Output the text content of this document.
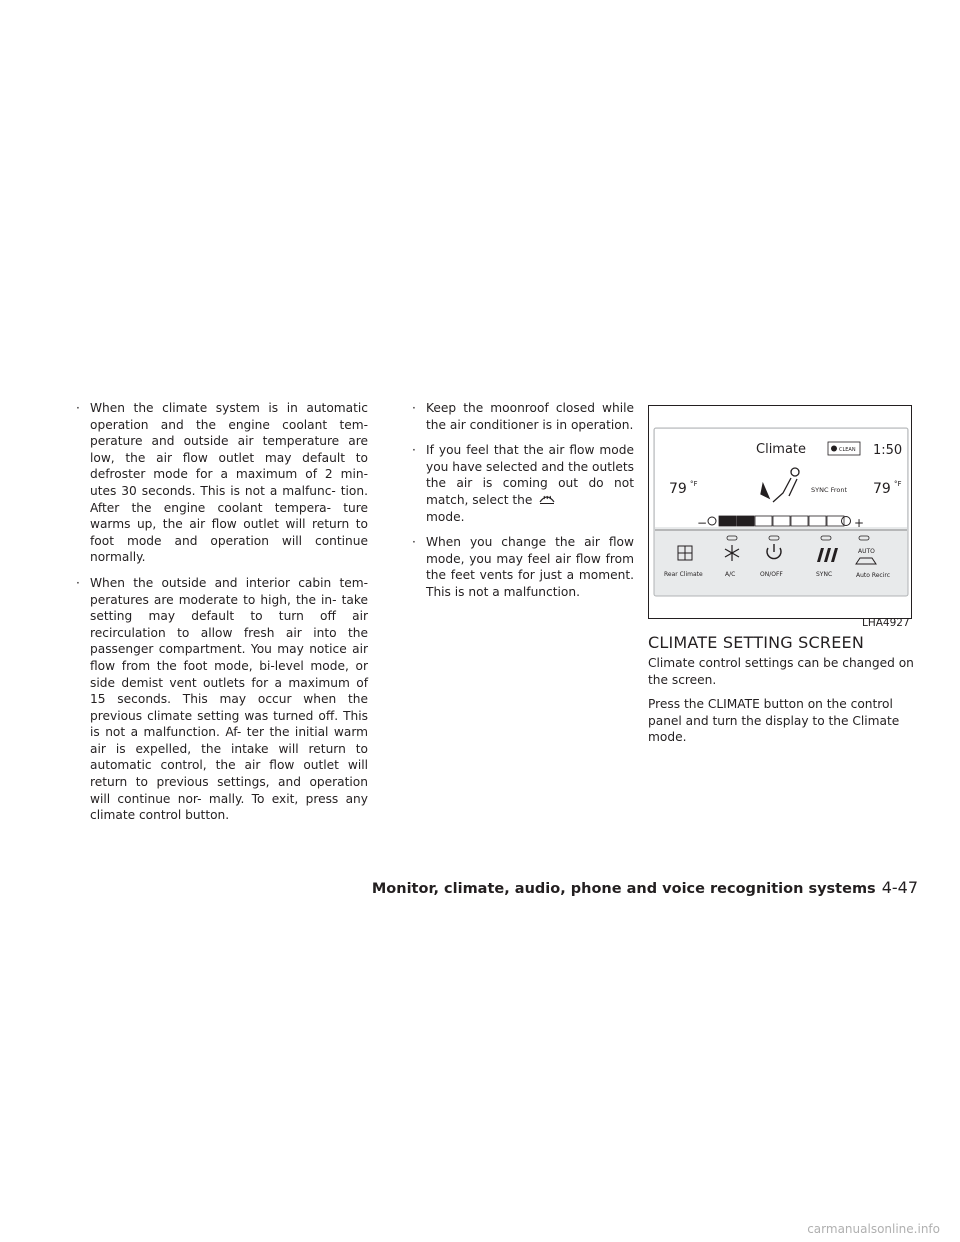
· When the climate system is in automatic operation and the engine coolant tem- perature and outside air temperature are low, the air flow outlet may default to defroster mode for a maximum of 2 min- utes 30 seconds. This is not a malfunc- tion. After the engine coolant tempera- ture warms up, the air flow outlet will return to foot mode and operation will continue normally.
· When the outside and interior cabin tem- peratures are moderate to high, the in- take setting may default to turn off air recirculation to allow fresh air into the passenger compartment. You may notice air flow from the foot mode, bi-level mode, or side demist vent outlets for a maximum of 15 seconds. This may occur when the previous climate setting was turned off. This is not a malfunction. Af- ter the initial warm air is expelled, the intake will return to automatic control, the air flow outlet will return to previous settings, and operation will continue nor- mally. To exit, press any climate control button.
· Keep the moonroof closed while the air conditioner is in operation.
· If you feel that the air flow mode you have selected and the outlets the air is coming out do not match, select the
mode.
· When you change the air flow mode, you may feel air flow from the feet vents for just a moment. This is not a malfunction.
Climate	CLEAN 1:50
79 °F	79 °F
SYNC Front
−	+
Rear Climate	A/C	ON/OFF	SYNC
AUTO
Auto Recirc
LHA4927
CLIMATE SETTING SCREEN

Climate control settings can be changed on the screen.

Press the CLIMATE button on the control panel and turn the display to the Climate mode.

Monitor, climate, audio, phone and voice recognition systems 4-47
carmanualsonline.info
